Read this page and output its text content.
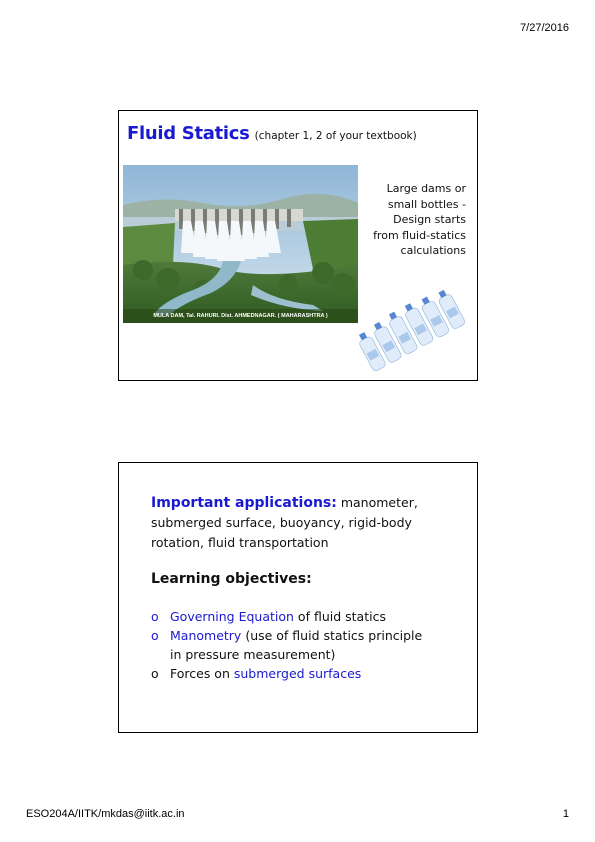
7/27/2016
Fluid Statics (chapter 1, 2 of your textbook)
MULA DAM, Tal. RAHURI. Dist. AHMEDNAGAR. ( MAHARASHTRA )
Large dams or
small bottles -
Design starts
from fluid-statics
calculations
Important applications: manometer,
submerged surface, buoyancy, rigid-body
rotation, fluid transportation
Learning objectives:
o Governing Equation of fluid statics
o Manometry (use of fluid statics principle
in pressure measurement)
o Forces on submerged surfaces
ESO204A/IITK/mkdas@iitk.ac.in	1
